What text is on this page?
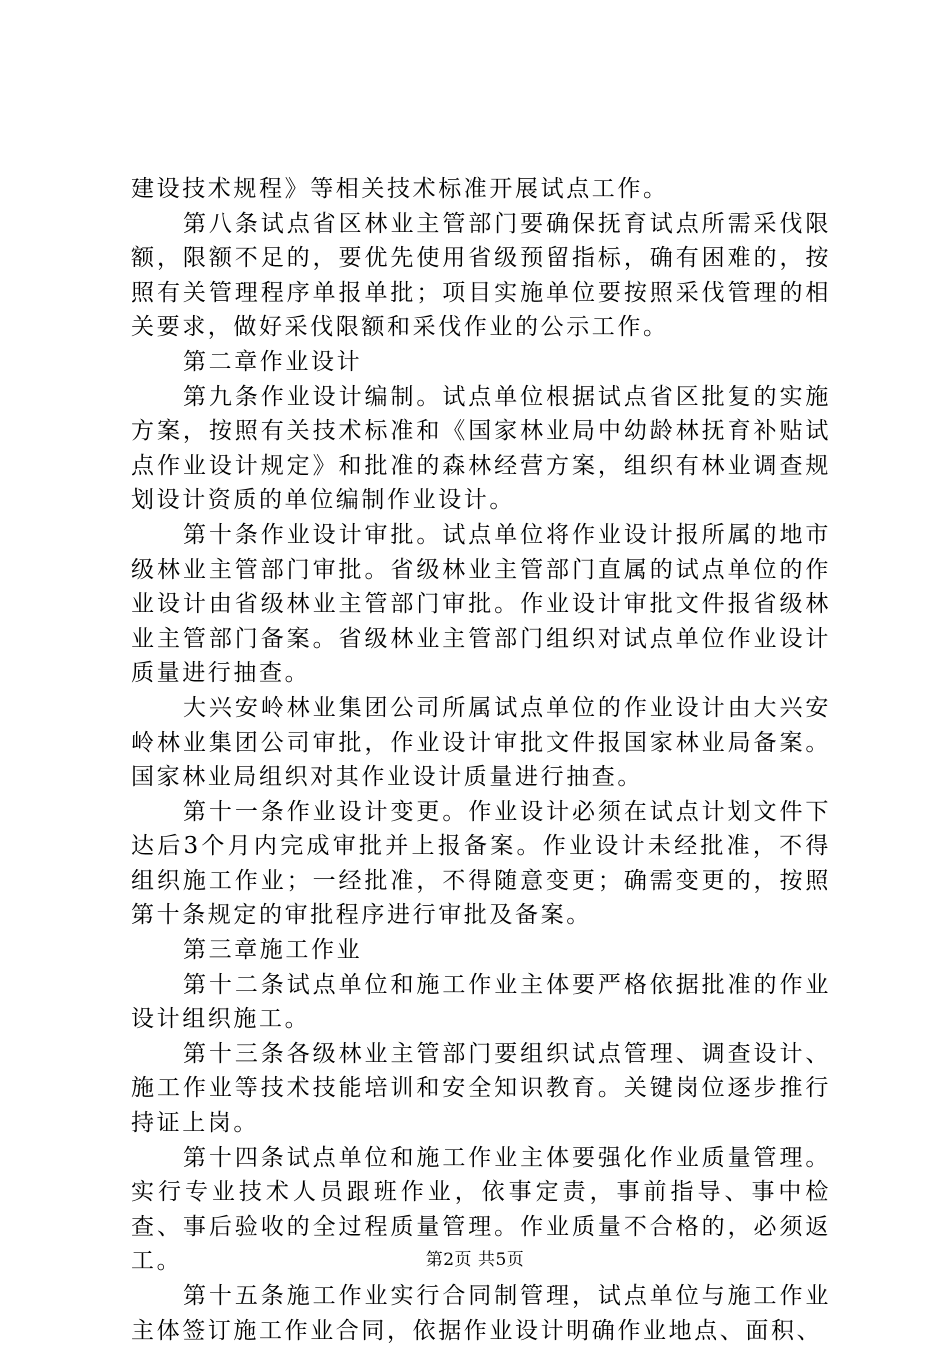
建设技术规程》等相关技术标准开展试点工作。

第八条试点省区林业主管部门要确保抚育试点所需采伐限额，限额不足的，要优先使用省级预留指标，确有困难的，按照有关管理程序单报单批；项目实施单位要按照采伐管理的相关要求，做好采伐限额和采伐作业的公示工作。

第二章作业设计

第九条作业设计编制。试点单位根据试点省区批复的实施方案，按照有关技术标准和《国家林业局中幼龄林抚育补贴试点作业设计规定》和批准的森林经营方案，组织有林业调查规划设计资质的单位编制作业设计。

第十条作业设计审批。试点单位将作业设计报所属的地市级林业主管部门审批。省级林业主管部门直属的试点单位的作业设计由省级林业主管部门审批。作业设计审批文件报省级林业主管部门备案。省级林业主管部门组织对试点单位作业设计质量进行抽查。

大兴安岭林业集团公司所属试点单位的作业设计由大兴安岭林业集团公司审批，作业设计审批文件报国家林业局备案。国家林业局组织对其作业设计质量进行抽查。

第十一条作业设计变更。作业设计必须在试点计划文件下达后3个月内完成审批并上报备案。作业设计未经批准，不得组织施工作业；一经批准，不得随意变更；确需变更的，按照第十条规定的审批程序进行审批及备案。

第三章施工作业

第十二条试点单位和施工作业主体要严格依据批准的作业设计组织施工。

第十三条各级林业主管部门要组织试点管理、调查设计、施工作业等技术技能培训和安全知识教育。关键岗位逐步推行持证上岗。

第十四条试点单位和施工作业主体要强化作业质量管理。实行专业技术人员跟班作业，依事定责，事前指导、事中检查、事后验收的全过程质量管理。作业质量不合格的，必须返工。

第十五条施工作业实行合同制管理，试点单位与施工作业主体签订施工作业合同，依据作业设计明确作业地点、面积、

第2页 共5页
